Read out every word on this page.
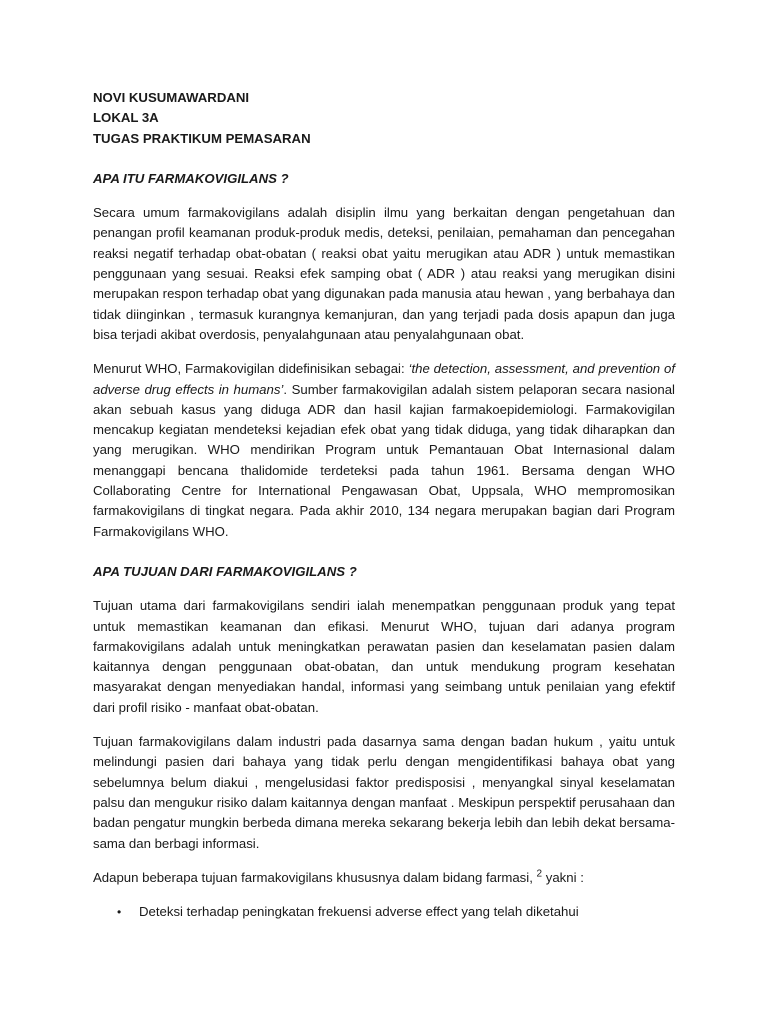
NOVI KUSUMAWARDANI
LOKAL 3A
TUGAS PRAKTIKUM PEMASARAN
APA ITU FARMAKOVIGILANS ?

Secara umum farmakovigilans adalah disiplin ilmu yang berkaitan dengan pengetahuan dan penangan profil keamanan produk-produk medis, deteksi, penilaian, pemahaman dan pencegahan reaksi negatif terhadap obat-obatan ( reaksi obat yaitu merugikan atau ADR ) untuk memastikan penggunaan yang sesuai. Reaksi efek samping obat ( ADR ) atau reaksi yang merugikan disini merupakan respon terhadap obat yang digunakan pada manusia atau hewan , yang berbahaya dan tidak diinginkan , termasuk kurangnya kemanjuran, dan yang terjadi pada dosis apapun dan juga bisa terjadi akibat overdosis, penyalahgunaan atau penyalahgunaan obat.

Menurut WHO, Farmakovigilan didefinisikan sebagai: ‘the detection, assessment, and prevention of adverse drug effects in humans’. Sumber farmakovigilan adalah sistem pelaporan secara nasional akan sebuah kasus yang diduga ADR dan hasil kajian farmakoepidemiologi. Farmakovigilan mencakup kegiatan mendeteksi kejadian efek obat yang tidak diduga, yang tidak diharapkan dan yang merugikan. WHO mendirikan Program untuk Pemantauan Obat Internasional dalam menanggapi bencana thalidomide terdeteksi pada tahun 1961. Bersama dengan WHO Collaborating Centre for International Pengawasan Obat, Uppsala, WHO mempromosikan farmakovigilans di tingkat negara. Pada akhir 2010, 134 negara merupakan bagian dari Program Farmakovigilans WHO.

APA TUJUAN DARI FARMAKOVIGILANS ?

Tujuan utama dari farmakovigilans sendiri ialah menempatkan penggunaan produk yang tepat untuk memastikan keamanan dan efikasi. Menurut WHO, tujuan dari adanya program farmakovigilans adalah untuk meningkatkan perawatan pasien dan keselamatan pasien dalam kaitannya dengan penggunaan obat-obatan, dan untuk mendukung program kesehatan masyarakat dengan menyediakan handal, informasi yang seimbang untuk penilaian yang efektif dari profil risiko - manfaat obat-obatan.

Tujuan farmakovigilans dalam industri pada dasarnya sama dengan badan hukum , yaitu untuk melindungi pasien dari bahaya yang tidak perlu dengan mengidentifikasi bahaya obat yang sebelumnya belum diakui , mengelusidasi faktor predisposisi , menyangkal sinyal keselamatan palsu dan mengukur risiko dalam kaitannya dengan manfaat . Meskipun perspektif perusahaan dan badan pengatur mungkin berbeda dimana mereka sekarang bekerja lebih dan lebih dekat bersama-sama dan berbagi informasi.

Adapun beberapa tujuan farmakovigilans khususnya dalam bidang farmasi, $^2$ yakni :

• Deteksi terhadap peningkatan frekuensi adverse effect yang telah diketahui
